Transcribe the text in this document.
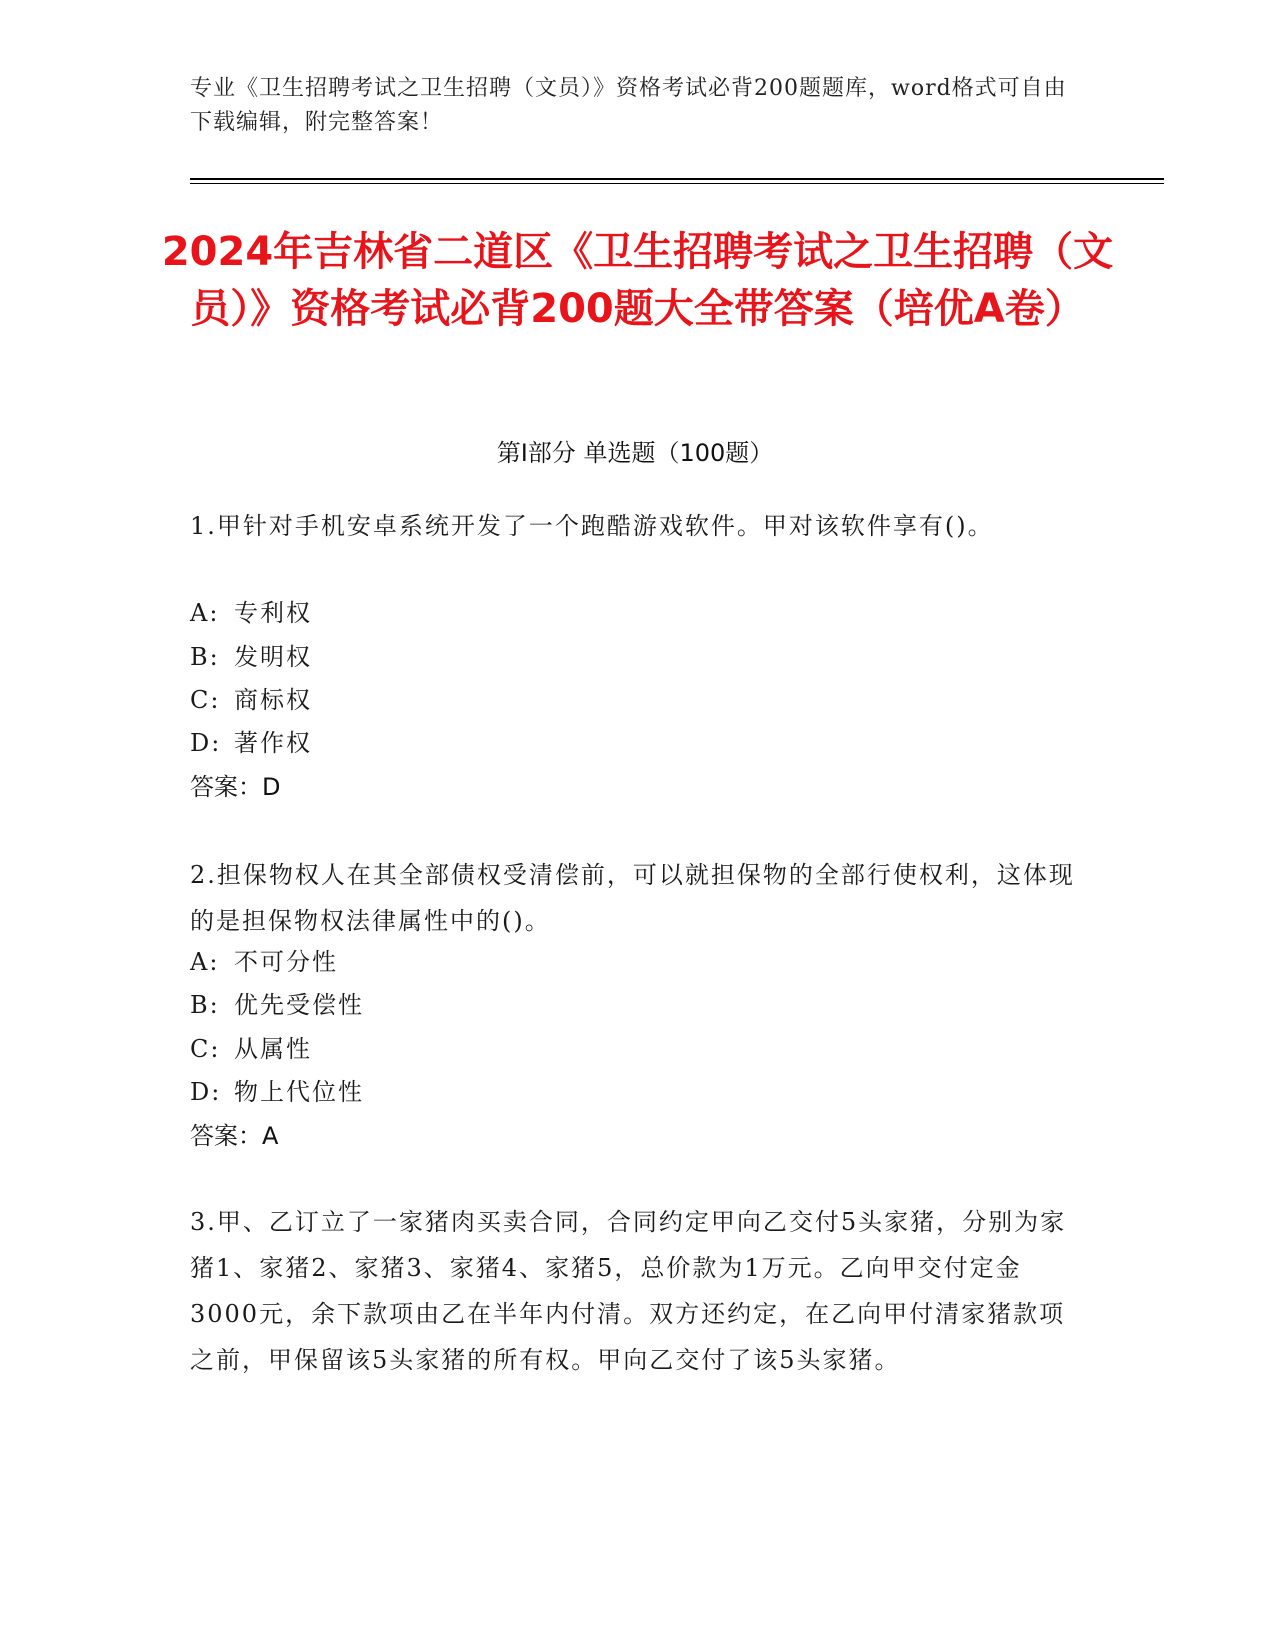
专业《卫生招聘考试之卫生招聘（文员）》资格考试必背200题题库，word格式可自由下载编辑，附完整答案！
2024年吉林省二道区《卫生招聘考试之卫生招聘（文员）》资格考试必背200题大全带答案（培优A卷）
第Ⅰ部分 单选题（100题）
1.甲针对手机安卓系统开发了一个跑酷游戏软件。甲对该软件享有()。
A: 专利权
B: 发明权
C: 商标权
D: 著作权
答案：D
2.担保物权人在其全部债权受清偿前，可以就担保物的全部行使权利，这体现的是担保物权法律属性中的()。
A: 不可分性
B: 优先受偿性
C: 从属性
D: 物上代位性
答案：A
3.甲、乙订立了一家猪肉买卖合同，合同约定甲向乙交付5头家猪，分别为家猪1、家猪2、家猪3、家猪4、家猪5，总价款为1万元。乙向甲交付定金3000元，余下款项由乙在半年内付清。双方还约定，在乙向甲付清家猪款项之前，甲保留该5头家猪的所有权。甲向乙交付了该5头家猪。
